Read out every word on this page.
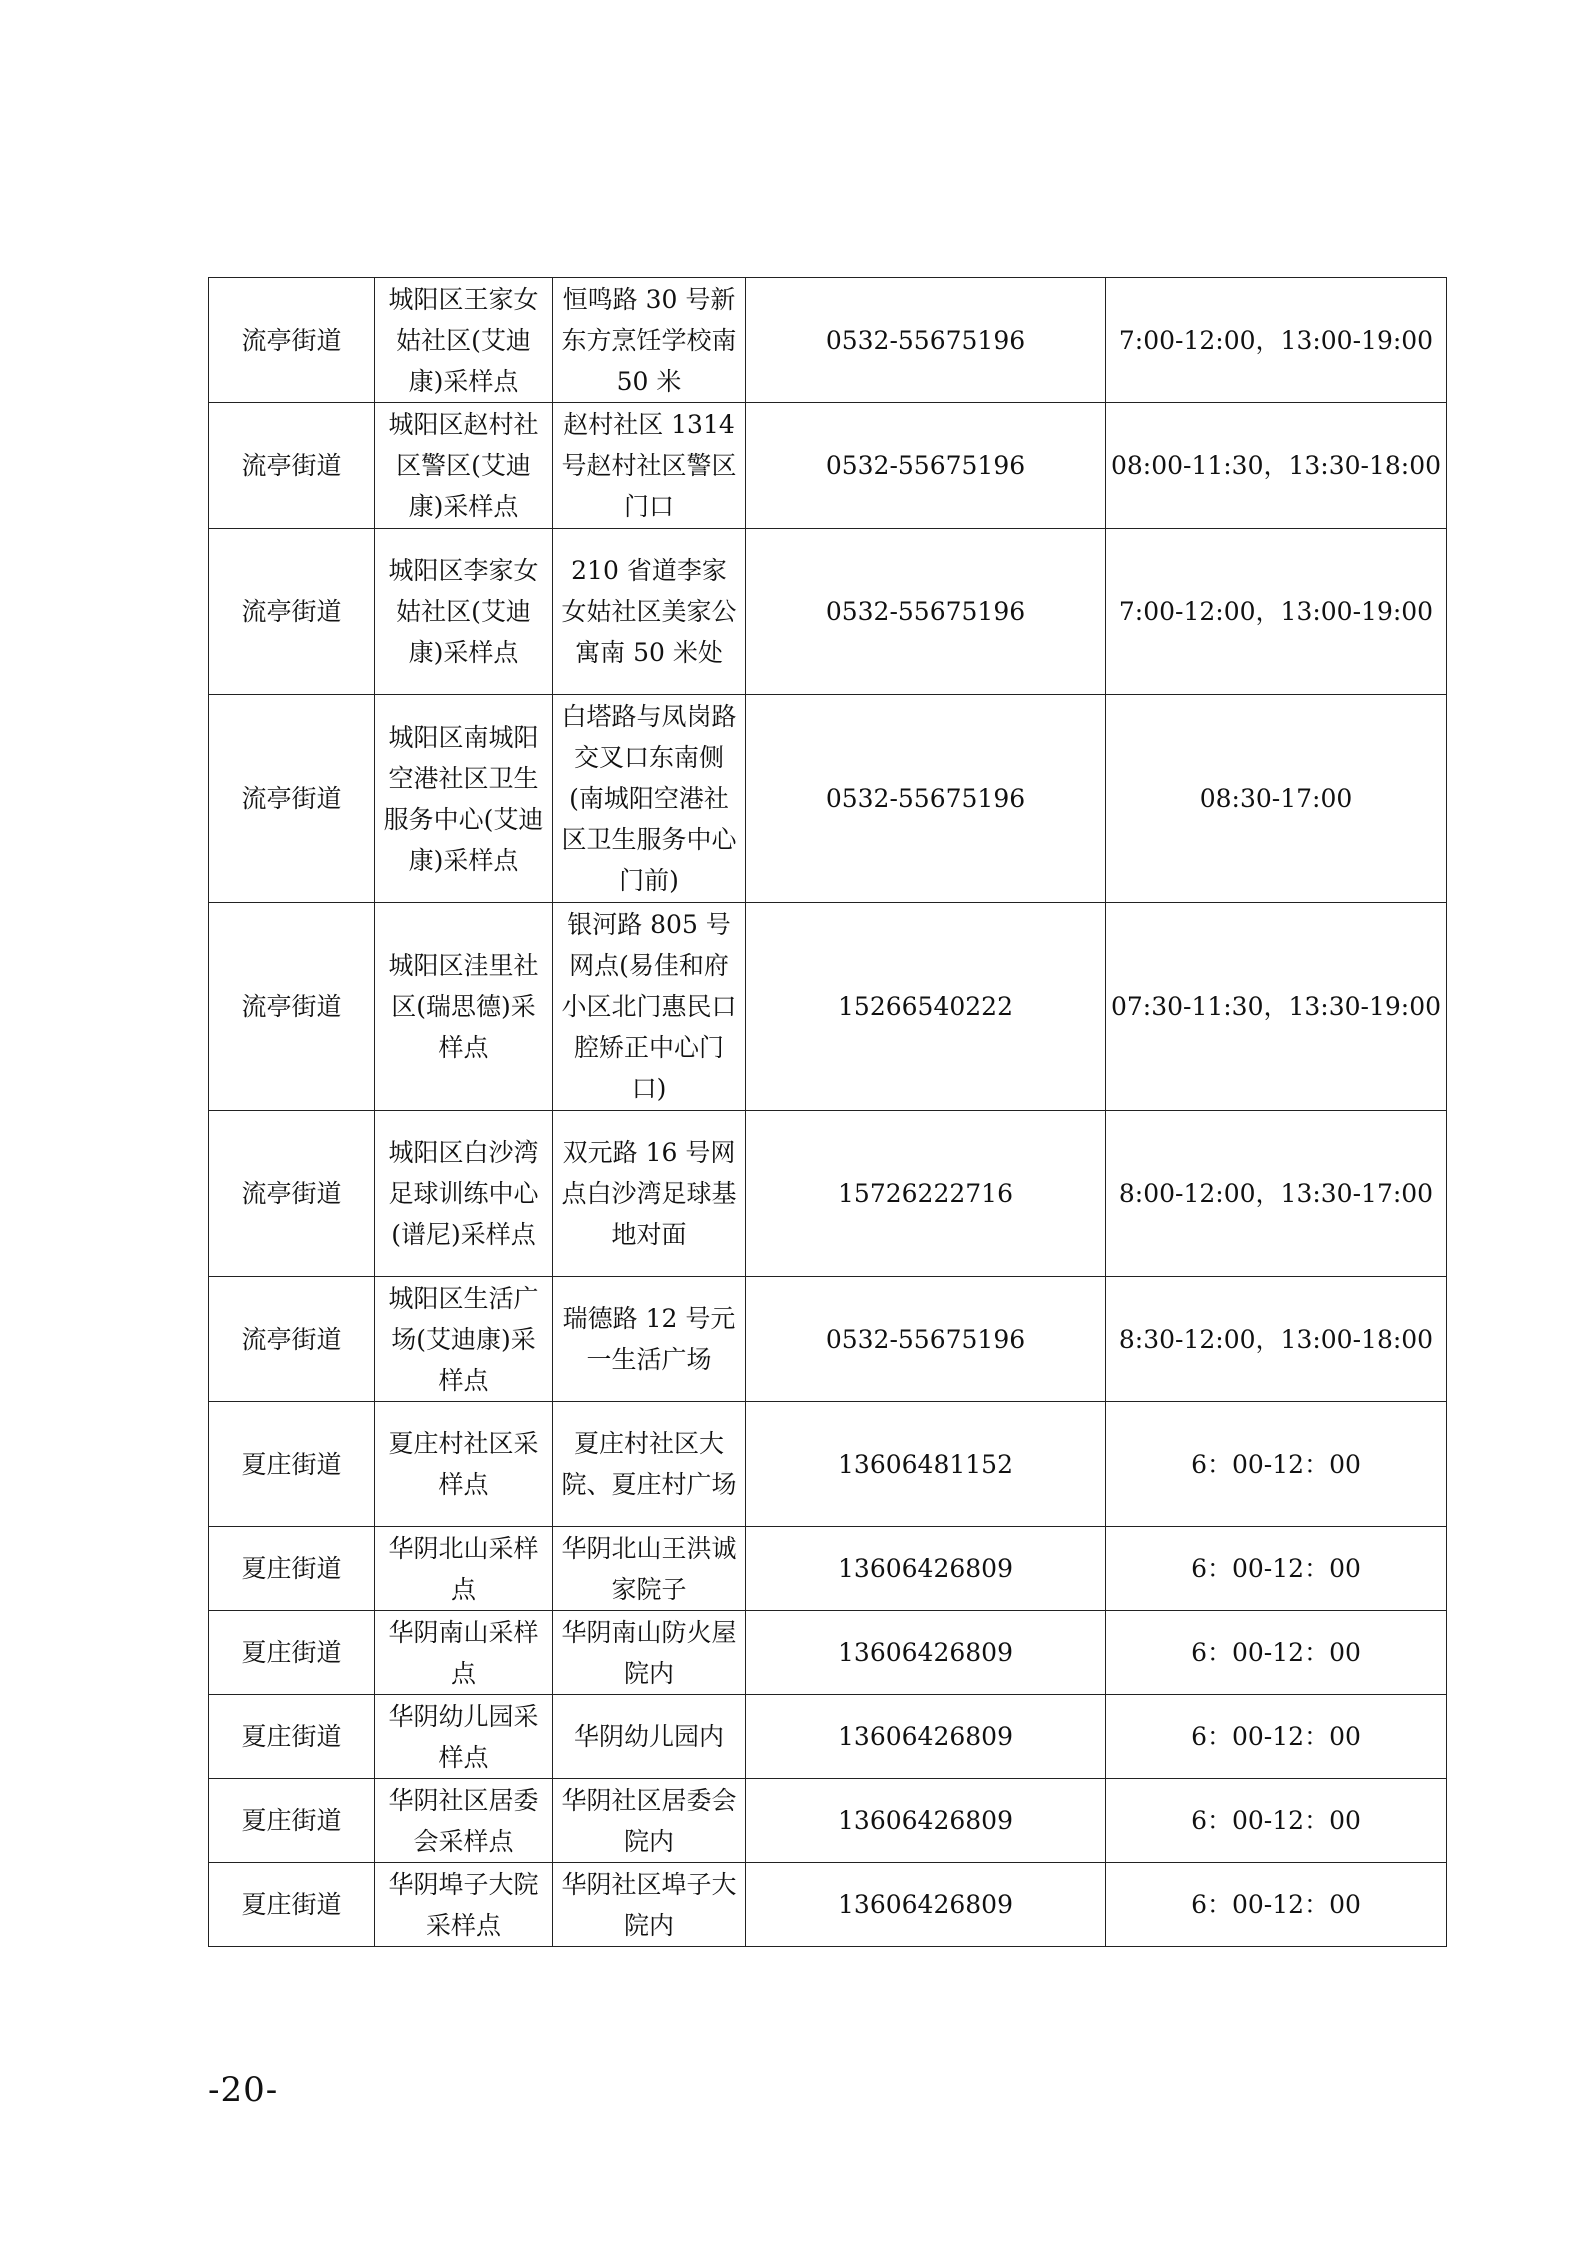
流亭街道	城阳区王家女姑社区(艾迪康)采样点	恒鸣路 30 号新东方烹饪学校南 50 米	0532-55675196	7:00-12:00，13:00-19:00
流亭街道	城阳区赵村社区警区(艾迪康)采样点	赵村社区 1314 号赵村社区警区门口	0532-55675196	08:00-11:30，13:30-18:00
流亭街道	城阳区李家女姑社区(艾迪康)采样点	210 省道李家女姑社区美家公寓南 50 米处	0532-55675196	7:00-12:00，13:00-19:00
流亭街道	城阳区南城阳空港社区卫生服务中心(艾迪康)采样点	白塔路与凤岗路交叉口东南侧(南城阳空港社区卫生服务中心门前)	0532-55675196	08:30-17:00
流亭街道	城阳区洼里社区(瑞思德)采样点	银河路 805 号网点(易佳和府小区北门惠民口腔矫正中心门口)	15266540222	07:30-11:30，13:30-19:00
流亭街道	城阳区白沙湾足球训练中心(谱尼)采样点	双元路 16 号网点白沙湾足球基地对面	15726222716	8:00-12:00，13:30-17:00
流亭街道	城阳区生活广场(艾迪康)采样点	瑞德路 12 号元一生活广场	0532-55675196	8:30-12:00，13:00-18:00
夏庄街道	夏庄村社区采样点	夏庄村社区大院、夏庄村广场	13606481152	6：00-12：00
夏庄街道	华阴北山采样点	华阴北山王洪诚家院子	13606426809	6：00-12：00
夏庄街道	华阴南山采样点	华阴南山防火屋院内	13606426809	6：00-12：00
夏庄街道	华阴幼儿园采样点	华阴幼儿园内	13606426809	6：00-12：00
夏庄街道	华阴社区居委会采样点	华阴社区居委会院内	13606426809	6：00-12：00
夏庄街道	华阴埠子大院采样点	华阴社区埠子大院内	13606426809	6：00-12：00
-20-
